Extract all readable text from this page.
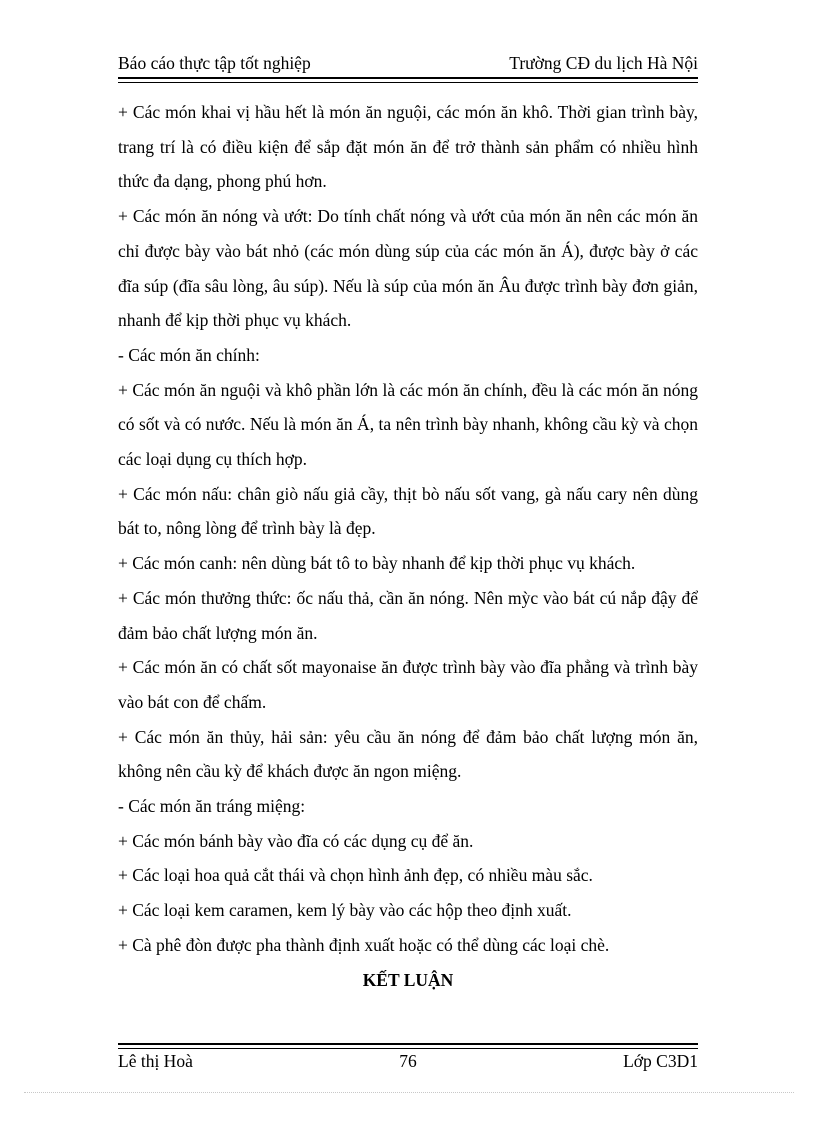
Báo cáo thực tập tốt nghiệp	Trường CĐ du lịch Hà Nội

+ Các món khai vị hầu hết là món ăn nguội, các món ăn khô. Thời gian trình bày, trang trí là có điều kiện để sắp đặt món ăn để trở thành sản phẩm có nhiều hình thức đa dạng, phong phú hơn.

+ Các món ăn nóng và ướt: Do tính chất nóng và ướt của món ăn nên các món ăn chỉ được bày vào bát nhỏ (các món dùng súp của các món ăn Á), được bày ở các đĩa súp (đĩa sâu lòng, âu súp). Nếu là súp của món ăn Âu được trình bày đơn giản, nhanh để kịp thời phục vụ khách.

- Các món ăn chính:

+ Các món ăn nguội và khô phần lớn là các món ăn chính, đều là các món ăn nóng có sốt và có nước. Nếu là món ăn Á, ta nên trình bày nhanh, không cầu kỳ và chọn các loại dụng cụ thích hợp.

+ Các món nấu: chân giò nấu giả cầy, thịt bò nấu sốt vang, gà nấu cary nên dùng bát to, nông lòng để trình bày là đẹp.

+ Các món canh: nên dùng bát tô to bày nhanh để kịp thời phục vụ khách.

+ Các món thưởng thức: ốc nấu thả, cần ăn nóng. Nên mỳc vào bát cú nắp đậy để đảm bảo chất lượng món ăn.

+ Các món ăn có chất sốt mayonaise ăn được trình bày vào đĩa phẳng và trình bày vào bát con để chấm.

+ Các món ăn thủy, hải sản: yêu cầu ăn nóng để đảm bảo chất lượng món ăn, không nên cầu kỳ để khách được ăn ngon miệng.

- Các món ăn tráng miệng:

+ Các món bánh bày vào đĩa có các dụng cụ để ăn.

+ Các loại hoa quả cắt thái và chọn hình ảnh đẹp, có nhiều màu sắc.

+ Các loại kem caramen, kem lý bày vào các hộp theo định xuất.

+ Cà phê đòn được pha thành định xuất hoặc có thể dùng các loại chè.

KẾT LUẬN

Lê thị Hoà	76	Lớp C3D1
